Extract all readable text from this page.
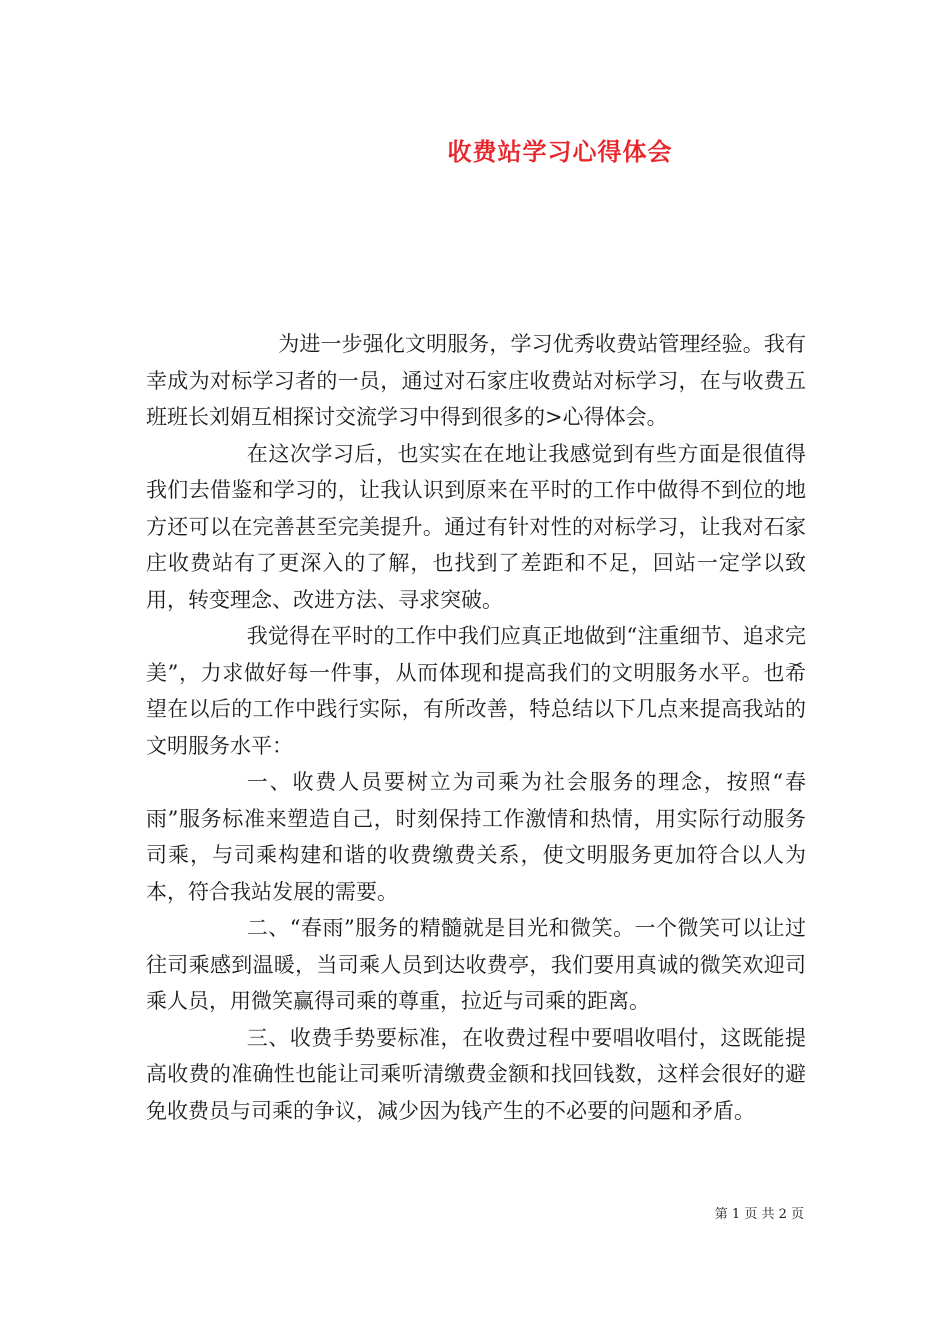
收费站学习心得体会

为进一步强化文明服务，学习优秀收费站管理经验。我有幸成为对标学习者的一员，通过对石家庄收费站对标学习，在与收费五班班长刘娟互相探讨交流学习中得到很多的>心得体会。

在这次学习后，也实实在在地让我感觉到有些方面是很值得我们去借鉴和学习的，让我认识到原来在平时的工作中做得不到位的地方还可以在完善甚至完美提升。通过有针对性的对标学习，让我对石家庄收费站有了更深入的了解，也找到了差距和不足，回站一定学以致用，转变理念、改进方法、寻求突破。

我觉得在平时的工作中我们应真正地做到“注重细节、追求完美”，力求做好每一件事，从而体现和提高我们的文明服务水平。也希望在以后的工作中践行实际，有所改善，特总结以下几点来提高我站的文明服务水平：

一、收费人员要树立为司乘为社会服务的理念，按照“春雨”服务标准来塑造自己，时刻保持工作激情和热情，用实际行动服务司乘，与司乘构建和谐的收费缴费关系，使文明服务更加符合以人为本，符合我站发展的需要。

二、“春雨”服务的精髓就是目光和微笑。一个微笑可以让过往司乘感到温暖，当司乘人员到达收费亭，我们要用真诚的微笑欢迎司乘人员，用微笑赢得司乘的尊重，拉近与司乘的距离。

三、收费手势要标准，在收费过程中要唱收唱付，这既能提高收费的准确性也能让司乘听清缴费金额和找回钱数，这样会很好的避免收费员与司乘的争议，减少因为钱产生的不必要的问题和矛盾。

第 1 页 共 2 页
